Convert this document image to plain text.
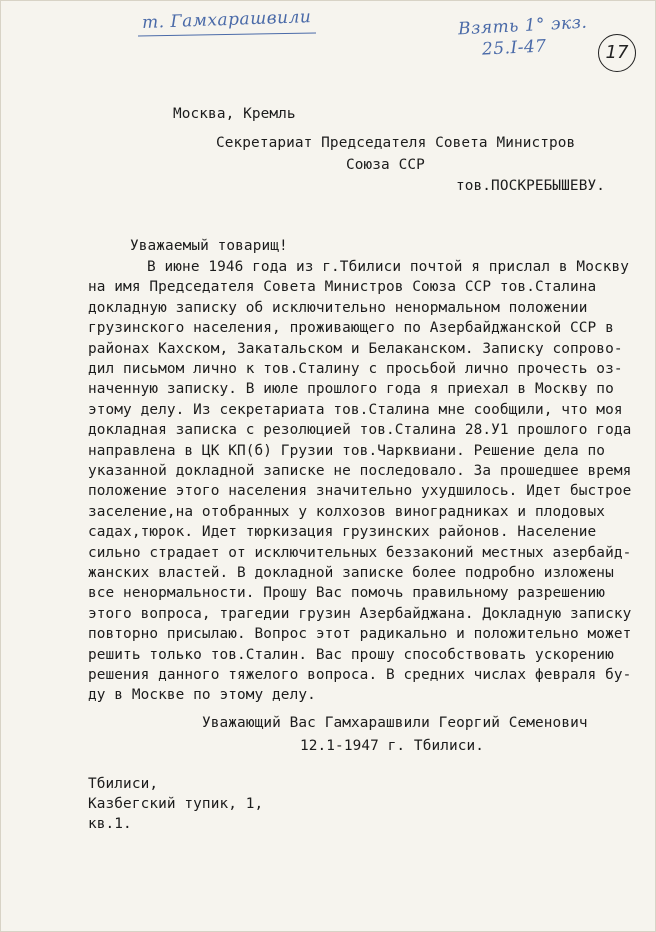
т. Гамхарашвили	Взять 1° экз.
25.I-47	17
Москва, Кремль
Секретариат Председателя Совета Министров
Союза ССР
тов.ПОСКРЕБЫШЕВУ.
Уважаемый товарищ!
В июне 1946 года из г.Тбилиси почтой я прислал в Москву
на имя Председателя Совета Министров Союза ССР тов.Сталина
докладную записку об исключительно ненормальном положении
грузинского населения, проживающего по Азербайджанской ССР в
районах Кахском, Закатальском и Белаканском. Записку сопрово-
дил письмом лично к тов.Сталину с просьбой лично прочесть оз-
наченную записку. В июле прошлого года я приехал в Москву по
этому делу. Из секретариата тов.Сталина мне сообщили, что моя
докладная записка с резолюцией тов.Сталина 28.У1 прошлого года
направлена в ЦК КП(б) Грузии тов.Чарквиани. Решение дела по
указанной докладной записке не последовало. За прошедшее время
положение этого населения значительно ухудшилось. Идет быстрое
заселение,на отобранных у колхозов виноградниках и плодовых
садах,тюрок. Идет тюркизация грузинских районов. Население
сильно страдает от исключительных беззаконий местных азербайд-
жанских властей. В докладной записке более подробно изложены
все ненормальности. Прошу Вас помочь правильному разрешению
этого вопроса, трагедии грузин Азербайджана. Докладную записку
повторно присылаю. Вопрос этот радикально и положительно может
решить только тов.Сталин. Вас прошу способствовать ускорению
решения данного тяжелого вопроса. В средних числах февраля бу-
ду в Москве по этому делу.
Уважающий Вас Гамхарашвили Георгий Семенович
12.1-1947 г. Тбилиси.
Тбилиси,
Казбегский тупик, 1,
кв.1.
